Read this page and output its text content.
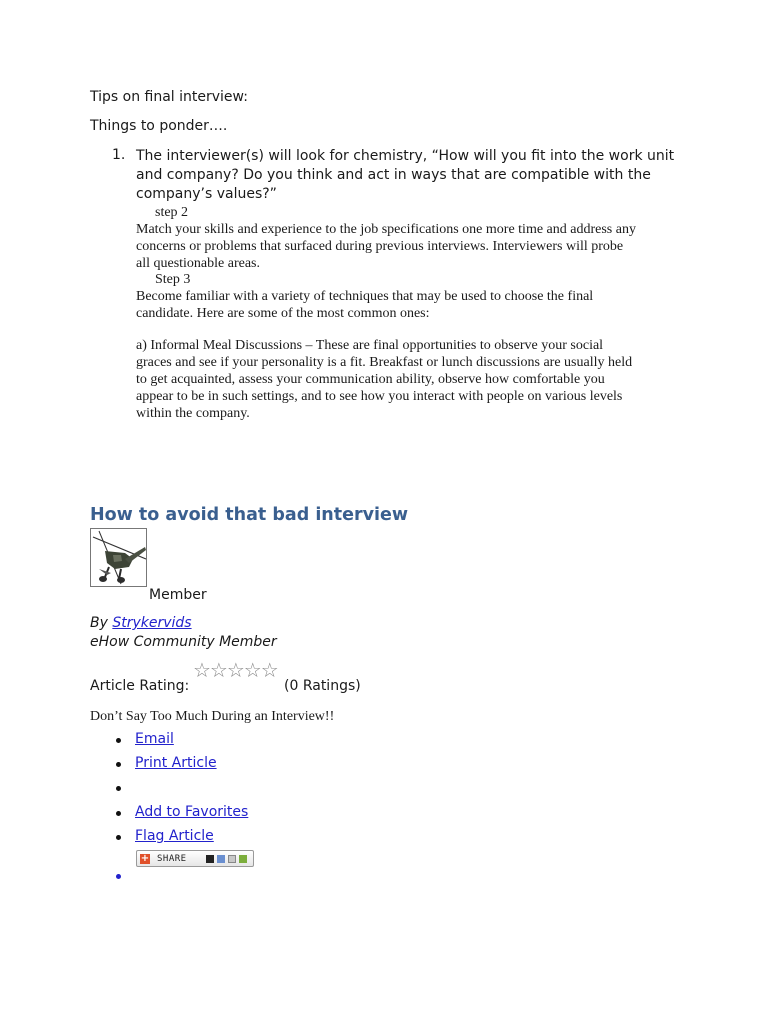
Tips on final interview:
Things to ponder….
1. The interviewer(s) will look for chemistry, “How will you fit into the work unit
and company? Do you think and act in ways that are compatible with the
company’s values?”
step 2
Match your skills and experience to the job specifications one more time and address any
concerns or problems that surfaced during previous interviews. Interviewers will probe
all questionable areas.
Step 3
Become familiar with a variety of techniques that may be used to choose the final
candidate. Here are some of the most common ones:
a) Informal Meal Discussions – These are final opportunities to observe your social
graces and see if your personality is a fit. Breakfast or lunch discussions are usually held
to get acquainted, assess your communication ability, observe how comfortable you
appear to be in such settings, and to see how you interact with people on various levels
within the company.
How to avoid that bad interview
Member
By Strykervids
eHow Community Member
Article Rating:
☆☆☆☆☆
(0 Ratings)
Don’t Say Too Much During an Interview!!
Email
Print Article
Add to Favorites
Flag Article
+ SHARE
